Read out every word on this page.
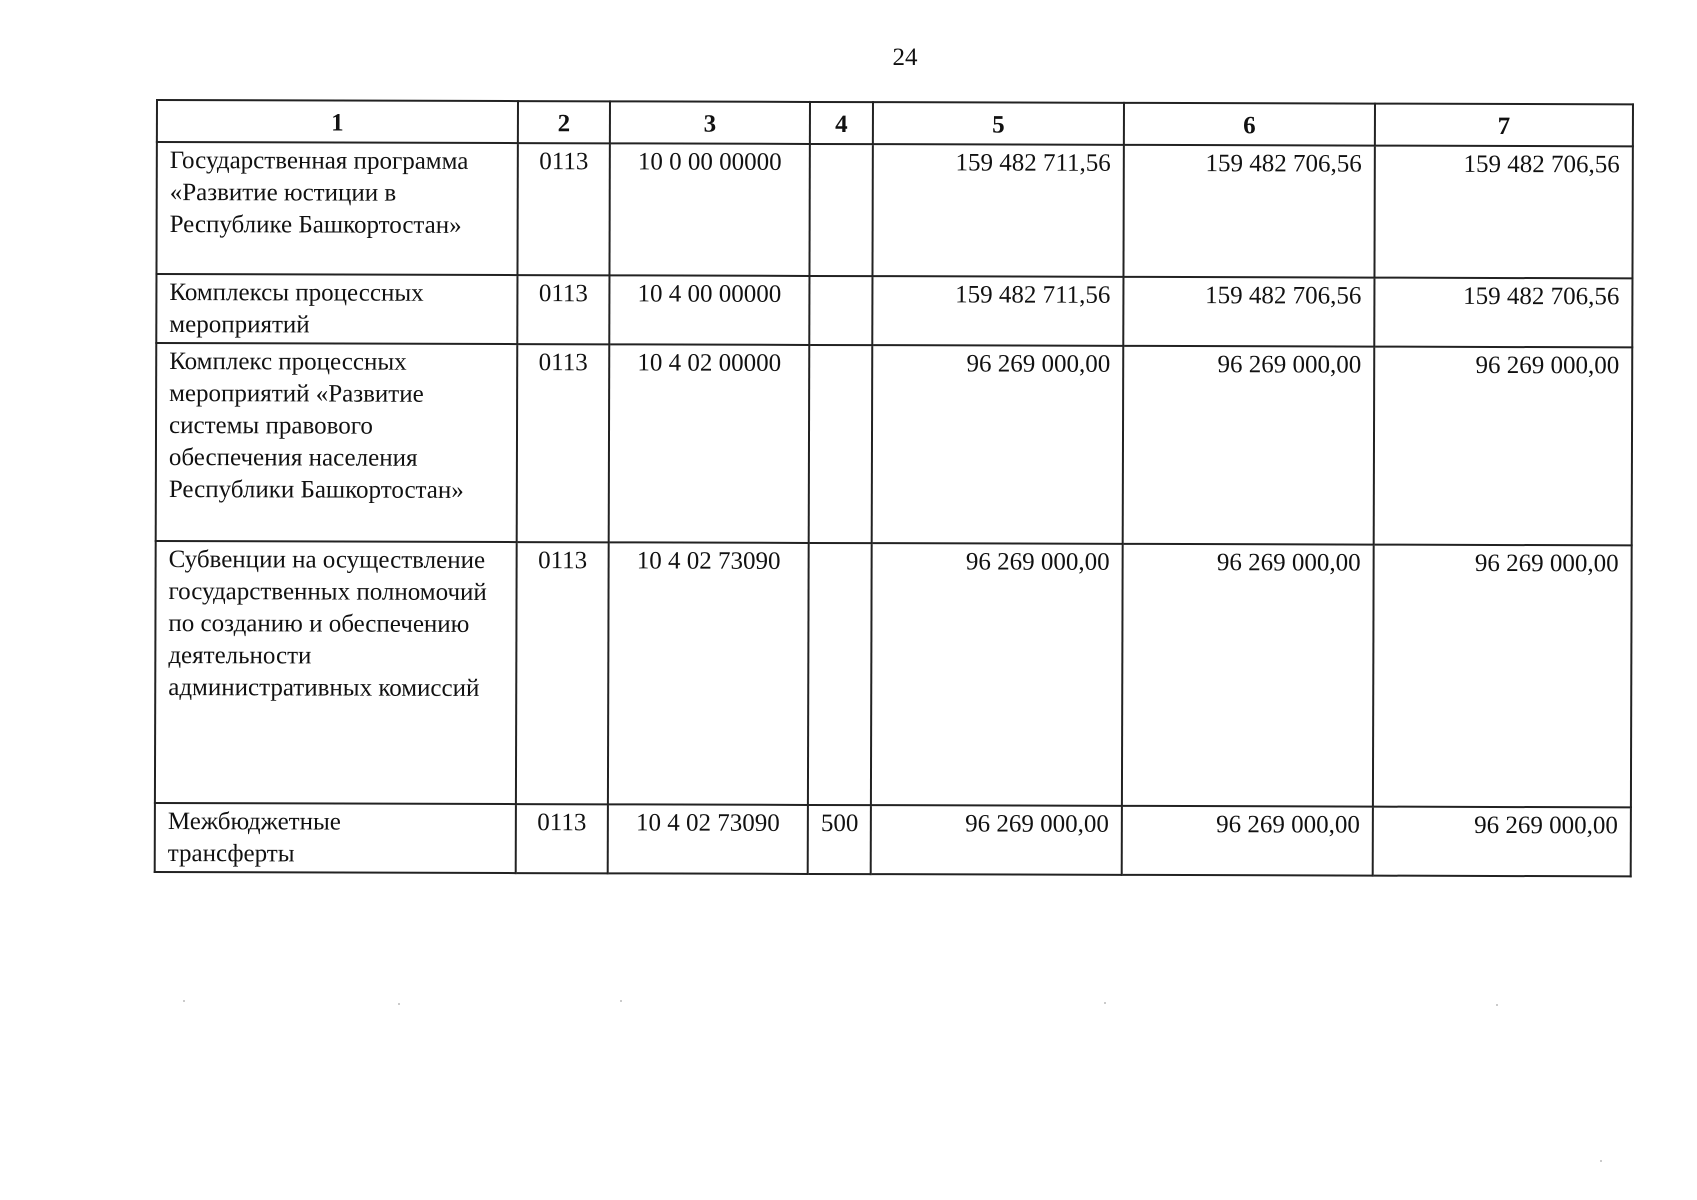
24
1	2	3	4	5	6	7
Государственная программа «Развитие юстиции в Республике Башкортостан»	0113	10 0 00 00000		159 482 711,56	159 482 706,56	159 482 706,56
Комплексы процессных мероприятий	0113	10 4 00 00000		159 482 711,56	159 482 706,56	159 482 706,56
Комплекс процессных мероприятий «Развитие системы правового обеспечения населения Республики Башкортостан»	0113	10 4 02 00000		96 269 000,00	96 269 000,00	96 269 000,00
Субвенции на осуществление государственных полномочий по созданию и обеспечению деятельности административных комиссий	0113	10 4 02 73090		96 269 000,00	96 269 000,00	96 269 000,00
Межбюджетные трансферты	0113	10 4 02 73090	500	96 269 000,00	96 269 000,00	96 269 000,00
